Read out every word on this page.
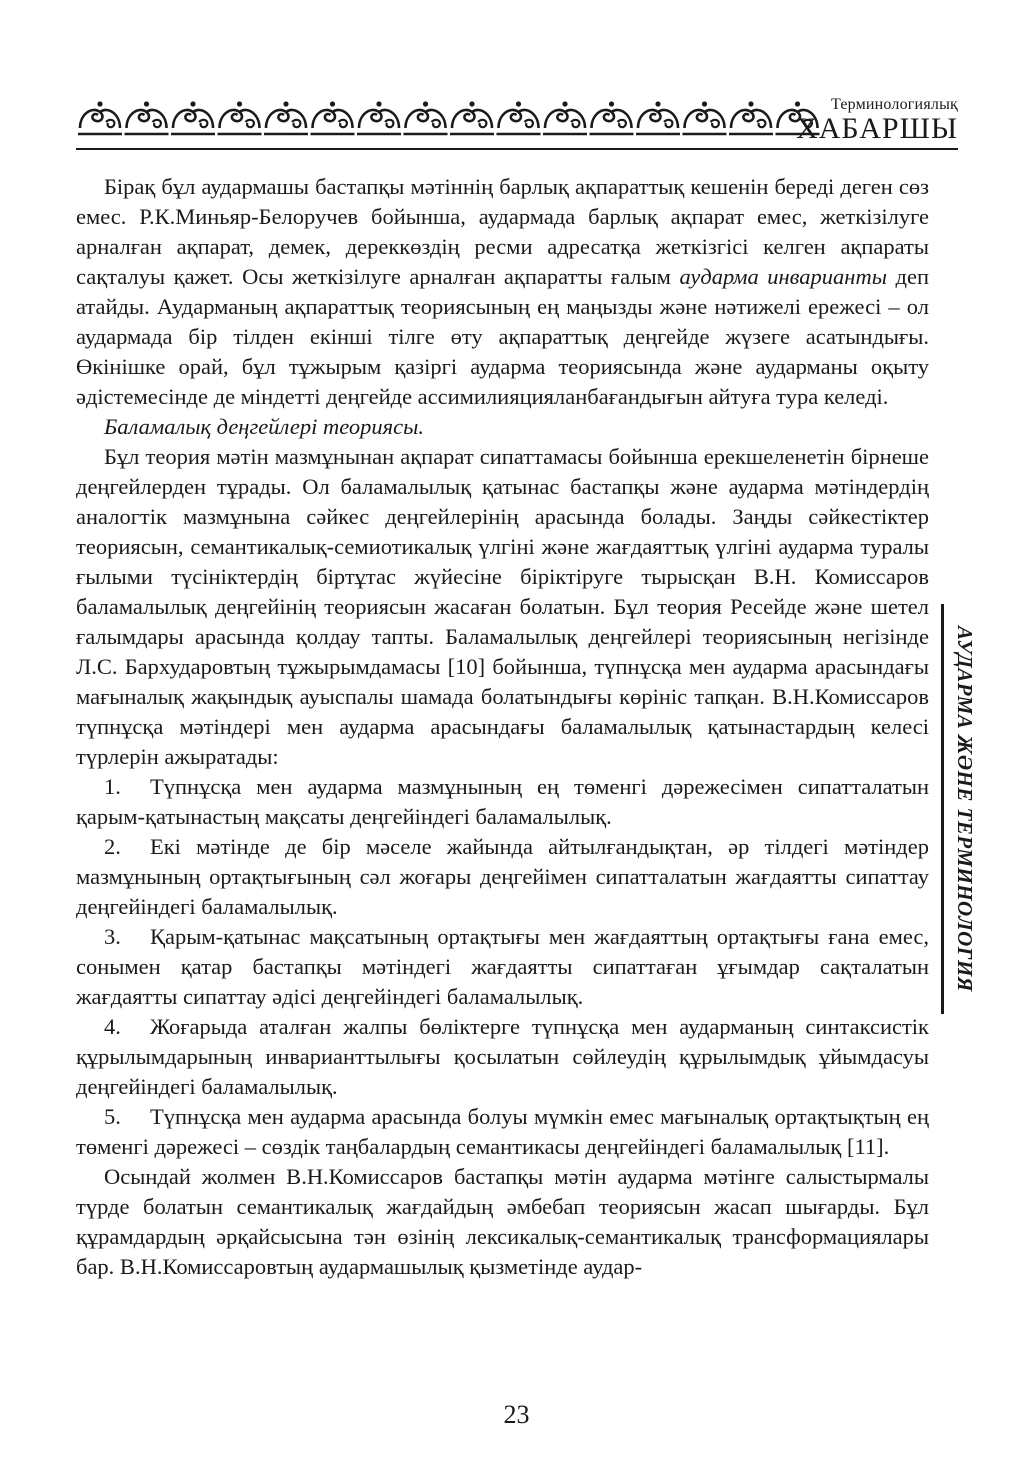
Терминологиялық
ХАБАРШЫ

Бірақ бұл аудармашы бастапқы мәтіннің барлық ақпараттық кешенін береді деген сөз емес. Р.К.Миньяр-Белоручев бойынша, аудармада барлық ақпарат емес, жеткізілуге арналған ақпарат, демек, дереккөздің ресми адресатқа жеткізгісі келген ақпараты сақталуы қажет. Осы жеткізілуге арналған ақпаратты ғалым аударма инварианты деп атайды. Аударманың ақпараттық теориясының ең маңызды және нәтижелі ережесі – ол аудармада бір тілден екінші тілге өту ақпараттық деңгейде жүзеге асатындығы. Өкінішке орай, бұл тұжырым қазіргі аударма теориясында және аударманы оқыту әдістемесінде де міндетті деңгейде ассимилияцияланбағандығын айтуға тура келеді.

Баламалық деңгейлері теориясы.

Бұл теория мәтін мазмұнынан ақпарат сипаттамасы бойынша ерекшеленетін бірнеше деңгейлерден тұрады. Ол баламалылық қатынас бастапқы және аударма мәтіндердің аналогтік мазмұнына сәйкес деңгейлерінің арасында болады. Заңды сәйкестіктер теориясын, семантикалық-семиотикалық үлгіні және жағдаяттық үлгіні аударма туралы ғылыми түсініктердің біртұтас жүйесіне біріктіруге тырысқан В.Н. Комиссаров баламалылық деңгейінің теориясын жасаған болатын. Бұл теория Ресейде және шетел ғалымдары арасында қолдау тапты. Баламалылық деңгейлері теориясының негізінде Л.С. Бархударовтың тұжырымдамасы [10] бойынша, түпнұсқа мен аударма арасындағы мағыналық жақындық ауыспалы шамада болатындығы көрініс тапқан. В.Н.Комиссаров түпнұсқа мәтіндері мен аударма арасындағы баламалылық қатынастардың келесі түрлерін ажыратады:

1. Түпнұсқа мен аударма мазмұнының ең төменгі дәрежесімен сипатталатын қарым-қатынастың мақсаты деңгейіндегі баламалылық.

2. Екі мәтінде де бір мәселе жайында айтылғандықтан, әр тілдегі мәтіндер мазмұнының ортақтығының сәл жоғары деңгейімен сипатталатын жағдаятты сипаттау деңгейіндегі баламалылық.

3. Қарым-қатынас мақсатының ортақтығы мен жағдаяттың ортақтығы ғана емес, сонымен қатар бастапқы мәтіндегі жағдаятты сипаттаған ұғымдар сақталатын жағдаятты сипаттау әдісі деңгейіндегі баламалылық.

4. Жоғарыда аталған жалпы бөліктерге түпнұсқа мен аударманың синтаксистік құрылымдарының инварианттылығы қосылатын сөйлеудің құрылымдық ұйымдасуы деңгейіндегі баламалылық.

5. Түпнұсқа мен аударма арасында болуы мүмкін емес мағыналық ортақтықтың ең төменгі дәрежесі – сөздік таңбалардың семантикасы деңгейіндегі баламалылық [11].

Осындай жолмен В.Н.Комиссаров бастапқы мәтін аударма мәтінге салыстырмалы түрде болатын семантикалық жағдайдың әмбебап теориясын жасап шығарды. Бұл құрамдардың әрқайсысына тән өзінің лексикалық-семантикалық трансформациялары бар. В.Н.Комиссаровтың аудармашылық қызметінде аудар-

АУДАРМА ЖӘНЕ ТЕРМИНОЛОГИЯ
23
